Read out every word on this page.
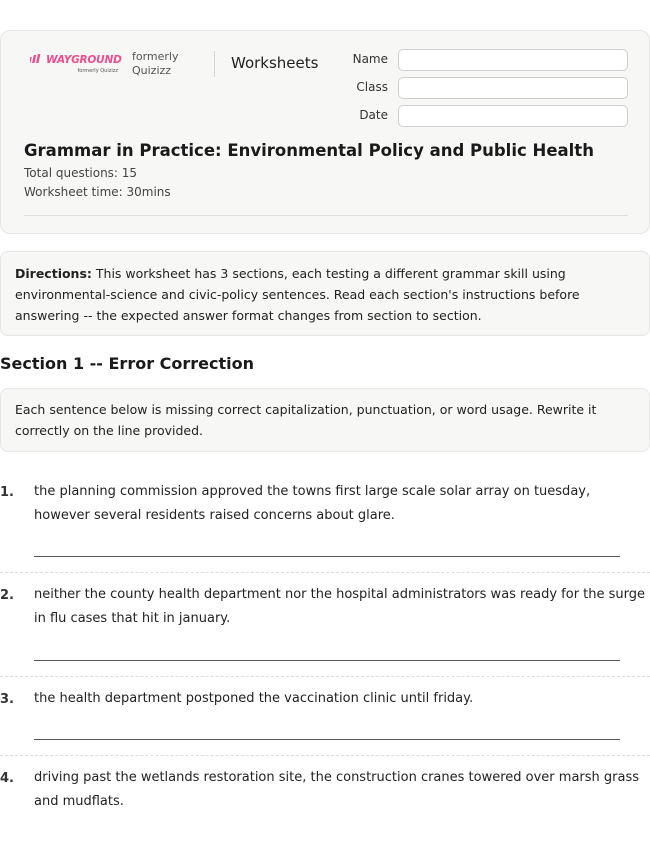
WAYGROUND
formerly Quizizz
formerly Quizizz	Worksheets	Name
Class
Date
Grammar in Practice: Environmental Policy and Public Health
Total questions: 15
Worksheet time: 30mins
Directions: This worksheet has 3 sections, each testing a different grammar skill using environmental-science and civic-policy sentences. Read each section's instructions before answering -- the expected answer format changes from section to section.
Section 1 -- Error Correction
Each sentence below is missing correct capitalization, punctuation, or word usage. Rewrite it correctly on the line provided.
1. the planning commission approved the towns first large scale solar array on tuesday, however several residents raised concerns about glare.
2. neither the county health department nor the hospital administrators was ready for the surge in flu cases that hit in january.
3. the health department postponed the vaccination clinic until friday.
4. driving past the wetlands restoration site, the construction cranes towered over marsh grass and mudflats.
